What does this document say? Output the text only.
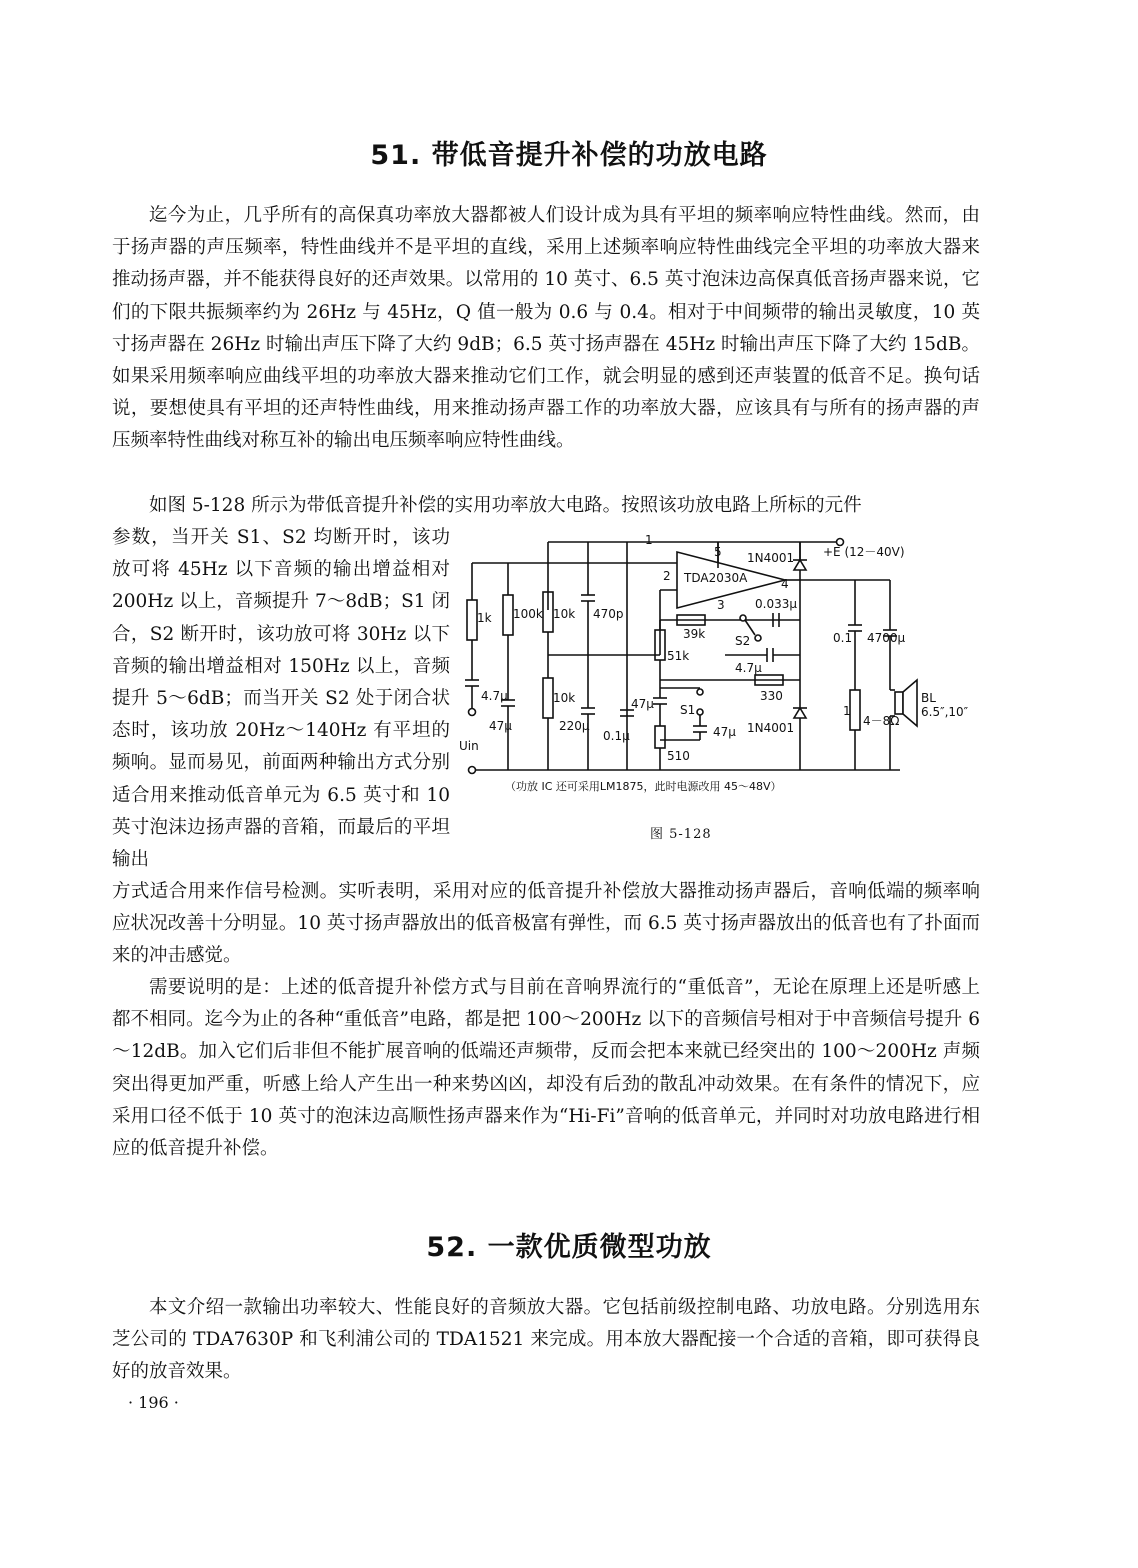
51. 带低音提升补偿的功放电路

迄今为止，几乎所有的高保真功率放大器都被人们设计成为具有平坦的频率响应特性曲线。然而，由于扬声器的声压频率，特性曲线并不是平坦的直线，采用上述频率响应特性曲线完全平坦的功率放大器来推动扬声器，并不能获得良好的还声效果。以常用的 10 英寸、6.5 英寸泡沫边高保真低音扬声器来说，它们的下限共振频率约为 26Hz 与 45Hz，Q 值一般为 0.6 与 0.4。相对于中间频带的输出灵敏度，10 英寸扬声器在 26Hz 时输出声压下降了大约 9dB；6.5 英寸扬声器在 45Hz 时输出声压下降了大约 15dB。如果采用频率响应曲线平坦的功率放大器来推动它们工作，就会明显的感到还声装置的低音不足。换句话说，要想使具有平坦的还声特性曲线，用来推动扬声器工作的功率放大器，应该具有与所有的扬声器的声压频率特性曲线对称互补的输出电压频率响应特性曲线。

如图 5-128 所示为带低音提升补偿的实用功率放大电路。按照该功放电路上所标的元件

参数，当开关 S1、S2 均断开时，该功放可将 45Hz 以下音频的输出增益相对 200Hz 以上，音频提升 7～8dB；S1 闭合，S2 断开时，该功放可将 30Hz 以下音频的输出增益相对 150Hz 以上，音频提升 5～6dB；而当开关 S2 处于闭合状态时，该功放 20Hz～140Hz 有平坦的频响。显而易见，前面两种输出方式分别适合用来推动低音单元为 6.5 英寸和 10 英寸泡沫边扬声器的音箱，而最后的平坦输出

方式适合用来作信号检测。实听表明，采用对应的低音提升补偿放大器推动扬声器后，音响低端的频率响应状况改善十分明显。10 英寸扬声器放出的低音极富有弹性，而 6.5 英寸扬声器放出的低音也有了扑面而来的冲击感觉。

需要说明的是：上述的低音提升补偿方式与目前在音响界流行的“重低音”，无论在原理上还是听感上都不相同。迄今为止的各种“重低音”电路，都是把 100～200Hz 以下的音频信号相对于中音频信号提升 6～12dB。加入它们后非但不能扩展音响的低端还声频带，反而会把本来就已经突出的 100～200Hz 声频突出得更加严重，听感上给人产生出一种来势凶凶，却没有后劲的散乱冲动效果。在有条件的情况下，应采用口径不低于 10 英寸的泡沫边高顺性扬声器来作为“Hi-Fi”音响的低音单元，并同时对功放电路进行相应的低音提升补偿。

52. 一款优质微型功放

本文介绍一款输出功率较大、性能良好的音频放大器。它包括前级控制电路、功放电路。分别选用东芝公司的 TDA7630P 和飞利浦公司的 TDA1521 来完成。用本放大器配接一个合适的音箱，即可获得良好的放音效果。

· 196 ·
1
2
3
4
5
TDA2030A
+E (12－40V)
1N4001
1N4001
0.033μ
39k S2
4.7μ
51k
330
S1
47μ
47μ
510
1k 100k 10k 470p
10k
220μ
0.1μ
4.7μ
47μ
0.1 4700μ
1
4－8Ω
BL
6.5″,10″
Uin
（功放 IC 还可采用LM1875，此时电源改用 45～48V）
图 5-128
